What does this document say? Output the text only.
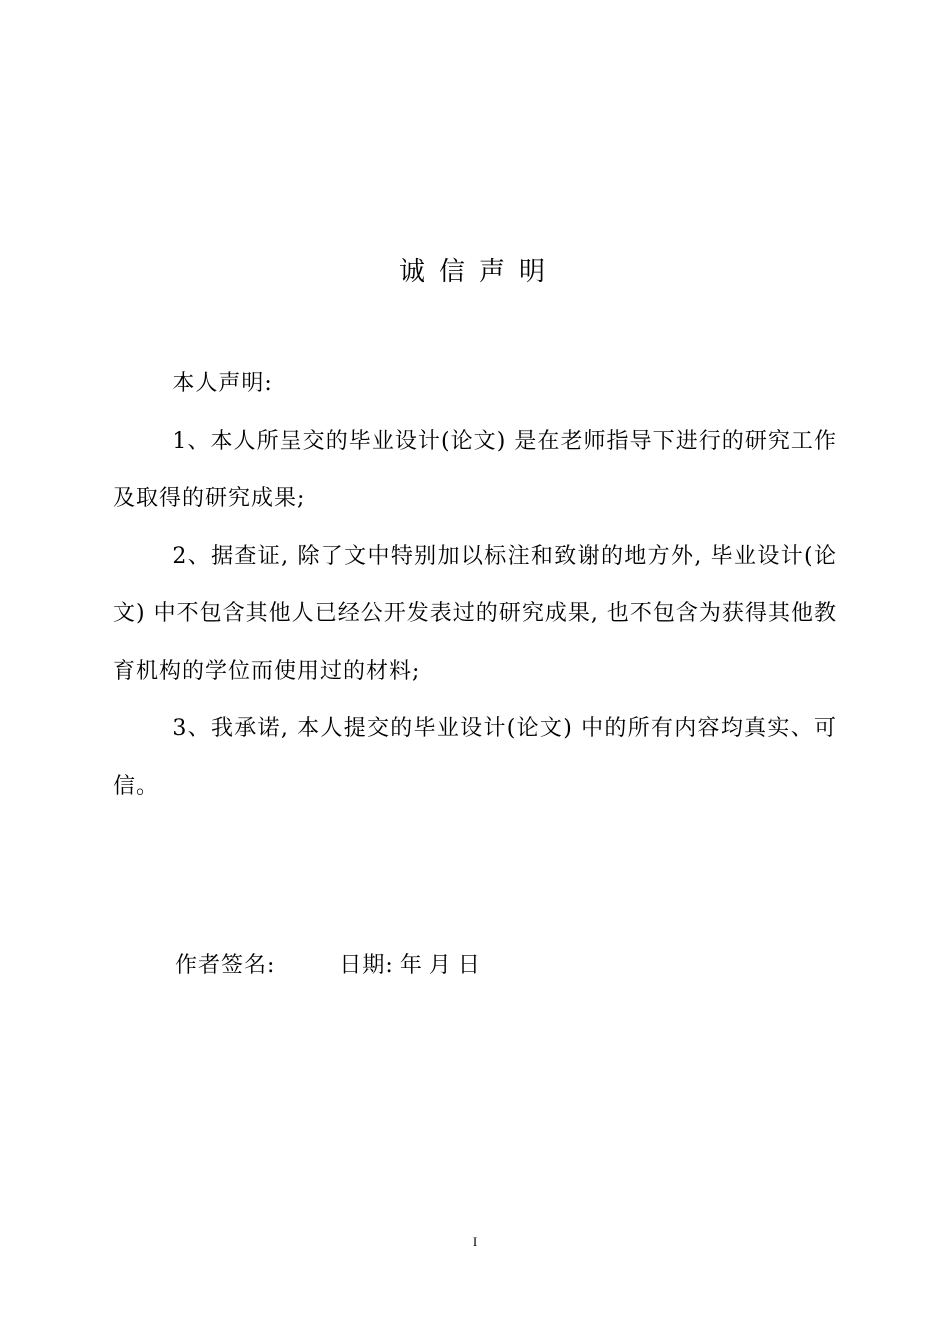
诚信声明

本人声明:

1、本人所呈交的毕业设计(论文) 是在老师指导下进行的研究工作及取得的研究成果;

2、据查证, 除了文中特别加以标注和致谢的地方外, 毕业设计(论文) 中不包含其他人已经公开发表过的研究成果, 也不包含为获得其他教育机构的学位而使用过的材料;

3、我承诺, 本人提交的毕业设计(论文) 中的所有内容均真实、可信。

作者签名:	日期: 年 月 日
I
